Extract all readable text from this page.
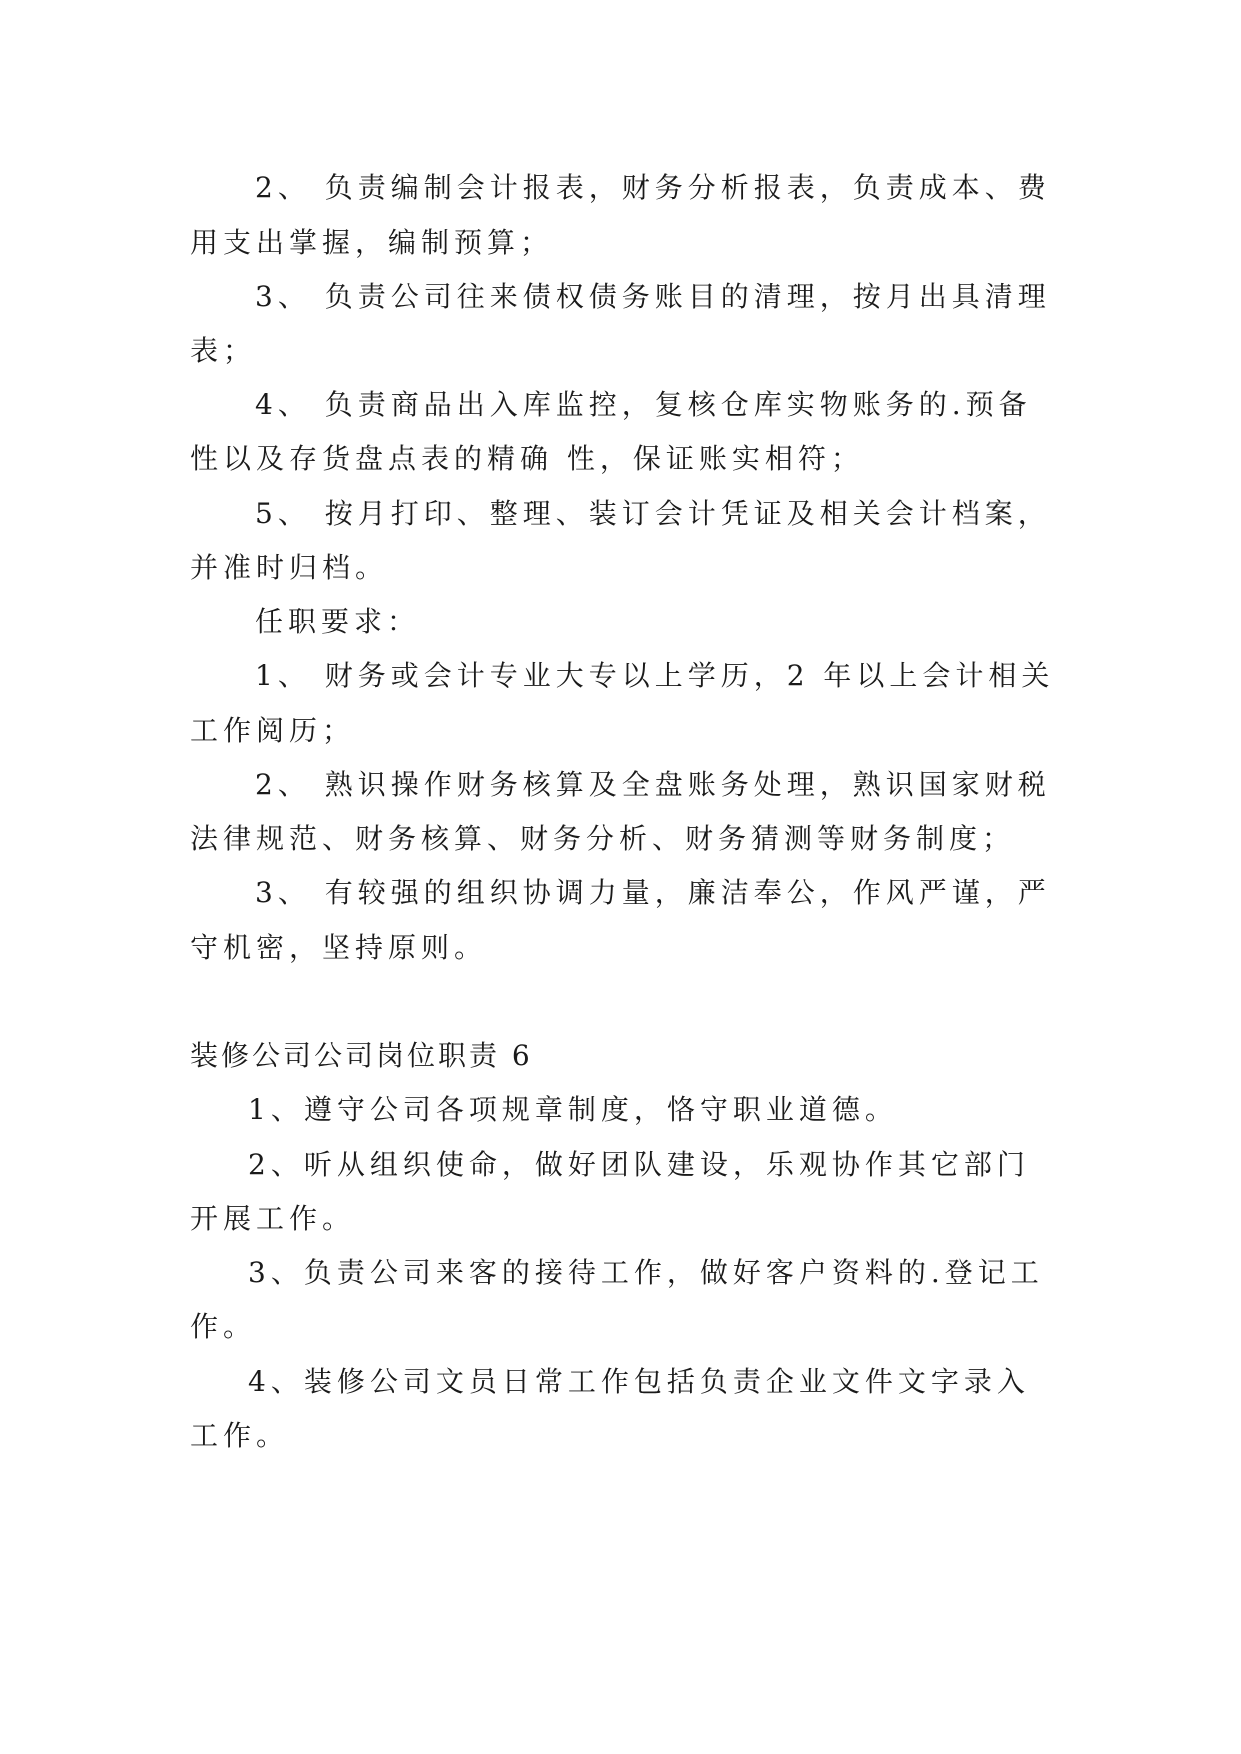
2、 负责编制会计报表，财务分析报表，负责成本、费
用支出掌握，编制预算；
3、 负责公司往来债权债务账目的清理，按月出具清理
表；
4、 负责商品出入库监控，复核仓库实物账务的.预备
性以及存货盘点表的精确 性，保证账实相符；
5、 按月打印、整理、装订会计凭证及相关会计档案，
并准时归档。
任职要求：
1、 财务或会计专业大专以上学历，2 年以上会计相关
工作阅历；
2、 熟识操作财务核算及全盘账务处理，熟识国家财税
法律规范、财务核算、财务分析、财务猜测等财务制度；
3、 有较强的组织协调力量，廉洁奉公，作风严谨，严
守机密，坚持原则。
装修公司公司岗位职责 6
1、遵守公司各项规章制度，恪守职业道德。
2、听从组织使命，做好团队建设，乐观协作其它部门
开展工作。
3、负责公司来客的接待工作，做好客户资料的.登记工
作。
4、装修公司文员日常工作包括负责企业文件文字录入
工作。
